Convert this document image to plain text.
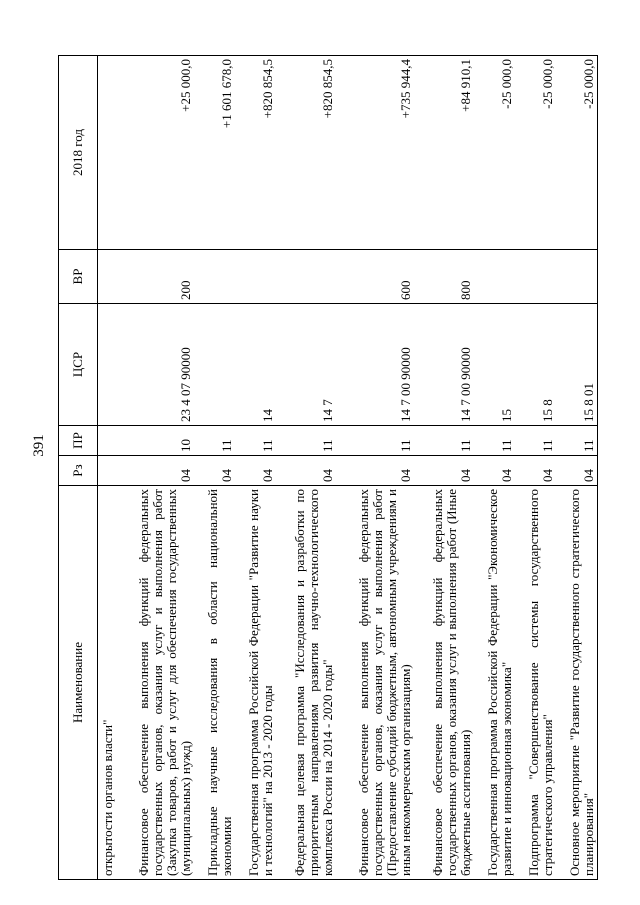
391
Наименование	Рз	ПР	ЦСР	ВР	2018 год
открытости органов власти"					
Финансовое обеспечение выполнения функций федеральных государственных органов, оказания услуг и выполнения работ (Закупка товаров, работ и услуг для обеспечения государственных (муниципальных) нужд)	04	10	23 4 07 90000	200	+25 000,0
Прикладные научные исследования в области национальной экономики	04	11			+1 601 678,0
Государственная программа Российской Федерации "Развитие науки и технологий" на 2013 - 2020 годы	04	11	14		+820 854,5
Федеральная целевая программа "Исследования и разработки по приоритетным направлениям развития научно-технологического комплекса России на 2014 - 2020 годы"	04	11	14 7		+820 854,5
Финансовое обеспечение выполнения функций федеральных государственных органов, оказания услуг и выполнения работ (Предоставление субсидий бюджетным, автономным учреждениям и иным некоммерческим организациям)	04	11	14 7 00 90000	600	+735 944,4
Финансовое обеспечение выполнения функций федеральных государственных органов, оказания услуг и выполнения работ (Иные бюджетные ассигнования)	04	11	14 7 00 90000	800	+84 910,1
Государственная программа Российской Федерации "Экономическое развитие и инновационная экономика"	04	11	15		-25 000,0
Подпрограмма "Совершенствование системы государственного стратегического управления"	04	11	15 8		-25 000,0
Основное мероприятие "Развитие государственного стратегического планирования"	04	11	15 8 01		-25 000,0
